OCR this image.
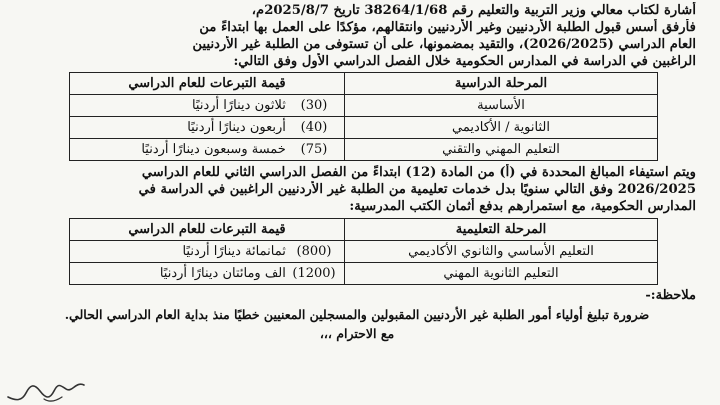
أشارة لكتاب معالي وزير التربية والتعليم رقم 38264/1/68 تاريخ 2025/8/7م،
فأرفق أسس قبول الطلبة الأردنيين وغير الأردنيين وانتقالهم، مؤكدًا على العمل بها ابتداءً من
العام الدراسي (2026/2025)، والتقيد بمضمونها، على أن تستوفى من الطلبة غير الأردنيين
الراغبين في الدراسة في المدارس الحكومية خلال الفصل الدراسي الأول وفق التالي:

المرحلة الدراسية	قيمة التبرعات للعام الدراسي
الأساسية	(30) ثلاثون دينارًا أردنيًا
الثانوية / الأكاديمي	(40) أربعون دينارًا أردنيًا
التعليم المهني والتقني	(75) خمسة وسبعون دينارًا أردنيًا

ويتم استيفاء المبالغ المحددة في (أ) من المادة (12) ابتداءً من الفصل الدراسي الثاني للعام الدراسي
2026/2025 وفق التالي سنويًا بدل خدمات تعليمية من الطلبة غير الأردنيين الراغبين في الدراسة في
المدارس الحكومية، مع استمرارهم بدفع أثمان الكتب المدرسية:

المرحلة التعليمية	قيمة التبرعات للعام الدراسي
التعليم الأساسي والثانوي الأكاديمي	(800) ثمانمائة دينارًا أردنيًا
التعليم الثانوية المهني	(1200) الف ومائتان دينارًا أردنيًا

ملاحظة:-

ضرورة تبليغ أولياء أمور الطلبة غير الأردنيين المقبولين والمسجلين المعنيين خطيًا منذ بداية العام الدراسي الحالي.

مع الاحترام ،،،
